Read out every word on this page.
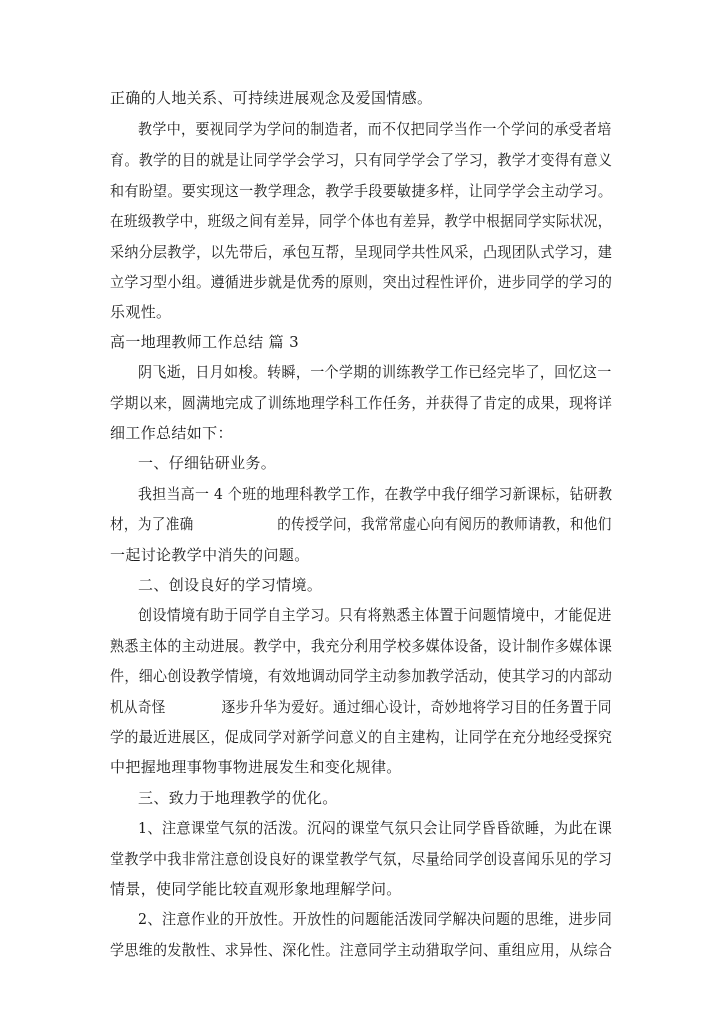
正确的人地关系、可持续进展观念及爱国情感。
教学中，要视同学为学问的制造者，而不仅把同学当作一个学问的承受者培
育。教学的目的就是让同学学会学习，只有同学学会了学习，教学才变得有意义
和有盼望。要实现这一教学理念，教学手段要敏捷多样，让同学学会主动学习。
在班级教学中，班级之间有差异，同学个体也有差异，教学中根据同学实际状况，
采纳分层教学，以先带后，承包互帮，呈现同学共性风采，凸现团队式学习，建
立学习型小组。遵循进步就是优秀的原则，突出过程性评价，进步同学的学习的
乐观性。
高一地理教师工作总结 篇 3
阴飞逝，日月如梭。转瞬，一个学期的训练教学工作已经完毕了，回忆这一
学期以来，圆满地完成了训练地理学科工作任务，并获得了肯定的成果，现将详
细工作总结如下：
一、仔细钻研业务。
我担当高一 4 个班的地理科教学工作，在教学中我仔细学习新课标，钻研教
材，为了准确                  的传授学问，我常常虚心向有阅历的教师请教，和他们
一起讨论教学中消失的问题。
二、创设良好的学习情境。
创设情境有助于同学自主学习。只有将熟悉主体置于问题情境中，才能促进
熟悉主体的主动进展。教学中，我充分利用学校多媒体设备，设计制作多媒体课
件，细心创设教学情境，有效地调动同学主动参加教学活动，使其学习的内部动
机从奇怪            逐步升华为爱好。通过细心设计，奇妙地将学习目的任务置于同
学的最近进展区，促成同学对新学问意义的自主建构，让同学在充分地经受探究
中把握地理事物事物进展发生和变化规律。
三、致力于地理教学的优化。
1、注意课堂气氛的活泼。沉闷的课堂气氛只会让同学昏昏欲睡，为此在课
堂教学中我非常注意创设良好的课堂教学气氛，尽量给同学创设喜闻乐见的学习
情景，使同学能比较直观形象地理解学问。
2、注意作业的开放性。开放性的问题能活泼同学解决问题的思维，进步同
学思维的发散性、求异性、深化性。注意同学主动猎取学问、重组应用，从综合
